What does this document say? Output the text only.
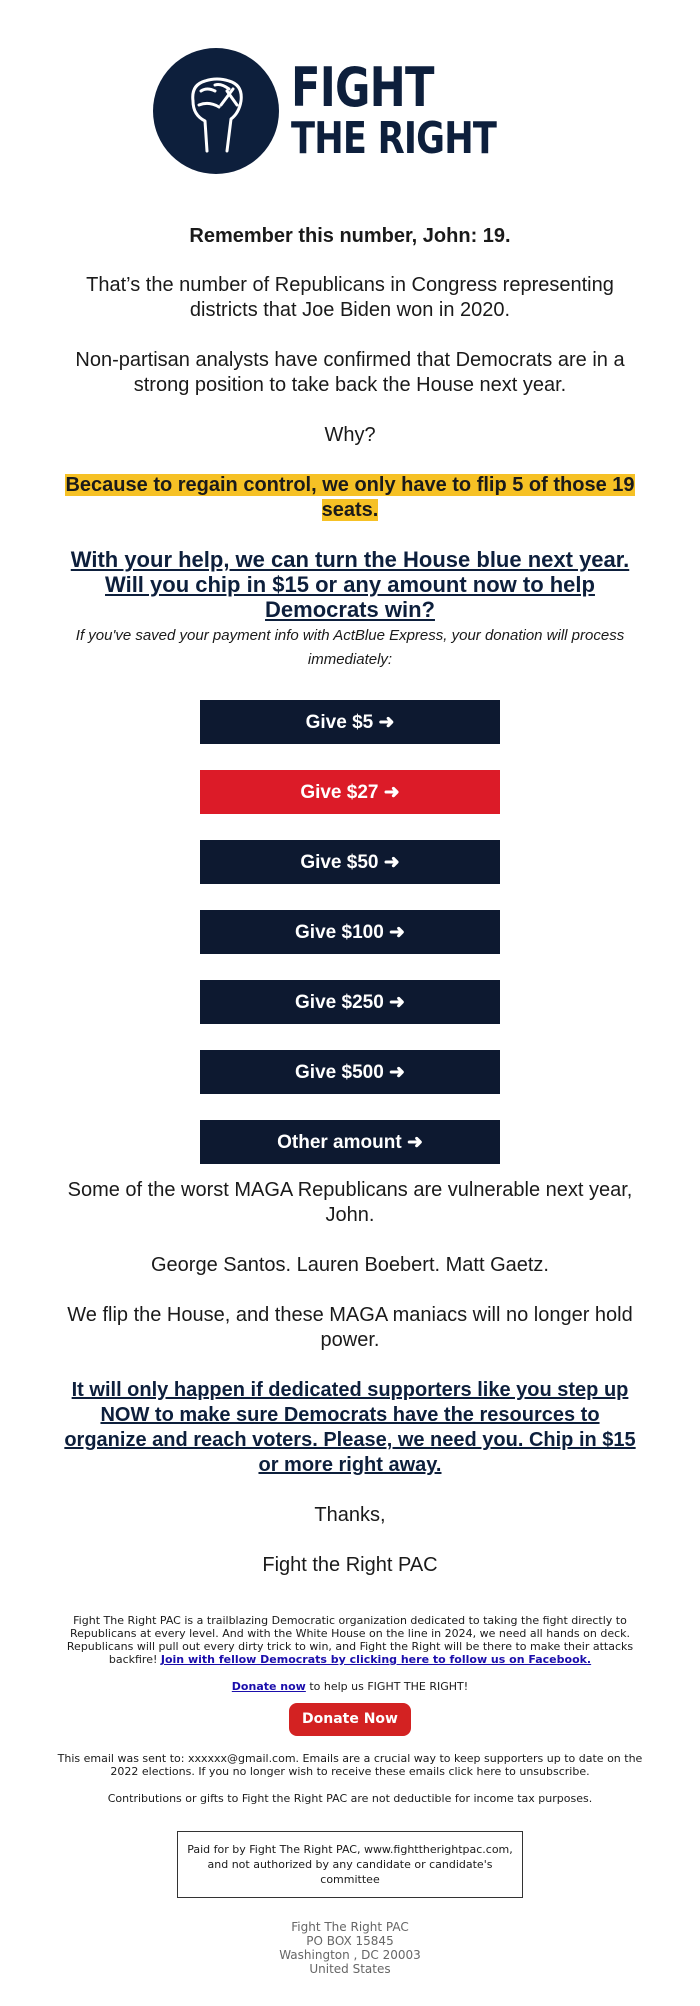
FIGHT
THE RIGHT

Remember this number, John: 19.

That’s the number of Republicans in Congress representing districts that Joe Biden won in 2020.

Non-partisan analysts have confirmed that Democrats are in a strong position to take back the House next year.

Why?

Because to regain control, we only have to flip 5 of those 19 seats.

With your help, we can turn the House blue next year. Will you chip in $15 or any amount now to help Democrats win?

If you've saved your payment info with ActBlue Express, your donation will process immediately:

Give $5 ➜
Give $27 ➜
Give $50 ➜
Give $100 ➜
Give $250 ➜
Give $500 ➜
Other amount ➜

Some of the worst MAGA Republicans are vulnerable next year, John.

George Santos. Lauren Boebert. Matt Gaetz.

We flip the House, and these MAGA maniacs will no longer hold power.

It will only happen if dedicated supporters like you step up NOW to make sure Democrats have the resources to organize and reach voters. Please, we need you. Chip in $15 or more right away.

Thanks,

Fight the Right PAC

Fight The Right PAC is a trailblazing Democratic organization dedicated to taking the fight directly to Republicans at every level. And with the White House on the line in 2024, we need all hands on deck. Republicans will pull out every dirty trick to win, and Fight the Right will be there to make their attacks backfire! Join with fellow Democrats by clicking here to follow us on Facebook.

Donate now to help us FIGHT THE RIGHT!

Donate Now

This email was sent to: xxxxxx@gmail.com. Emails are a crucial way to keep supporters up to date on the 2022 elections. If you no longer wish to receive these emails click here to unsubscribe.

Contributions or gifts to Fight the Right PAC are not deductible for income tax purposes.

Paid for by Fight The Right PAC, www.fighttherightpac.com, and not authorized by any candidate or candidate's committee
Fight The Right PAC
PO BOX 15845
Washington , DC 20003
United States
